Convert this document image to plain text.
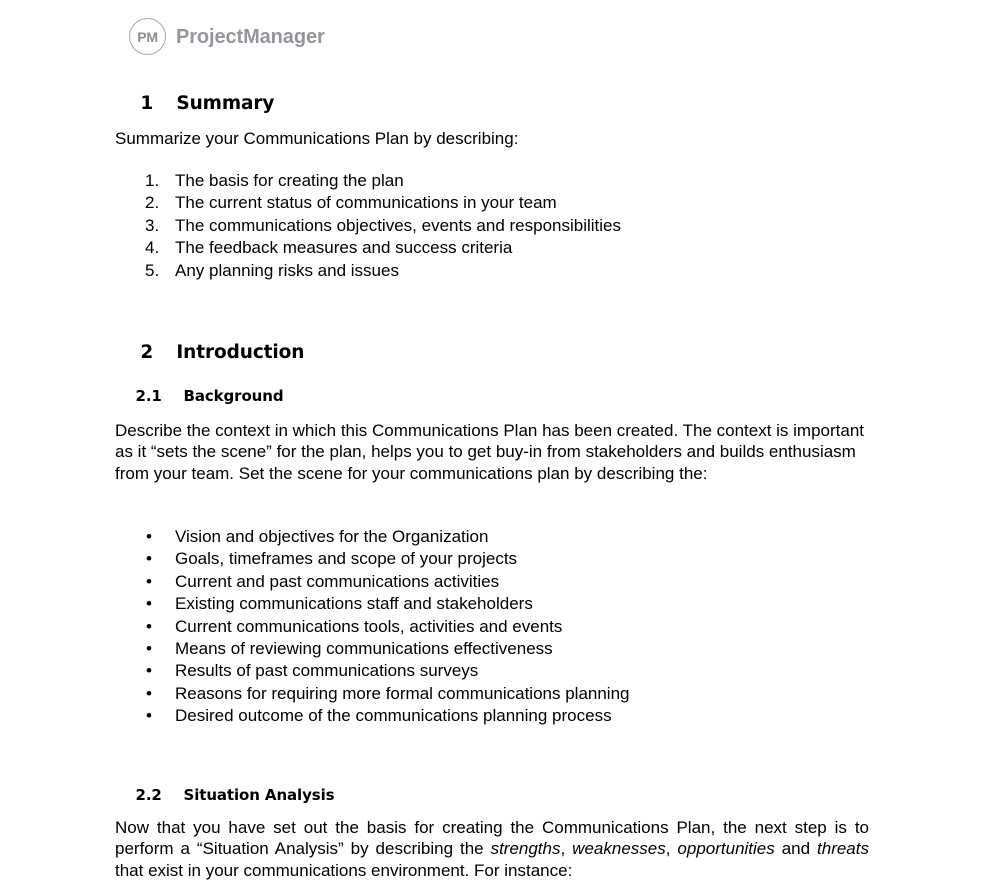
PM ProjectManager

1 Summary

Summarize your Communications Plan by describing:
1. The basis for creating the plan
2. The current status of communications in your team
3. The communications objectives, events and responsibilities
4. The feedback measures and success criteria
5. Any planning risks and issues

2 Introduction

2.1 Background

Describe the context in which this Communications Plan has been created. The context is important as it “sets the scene” for the plan, helps you to get buy-in from stakeholders and builds enthusiasm from your team. Set the scene for your communications plan by describing the:
•	Vision and objectives for the Organization
•	Goals, timeframes and scope of your projects
•	Current and past communications activities
•	Existing communications staff and stakeholders
•	Current communications tools, activities and events
•	Means of reviewing communications effectiveness
•	Results of past communications surveys
•	Reasons for requiring more formal communications planning
•	Desired outcome of the communications planning process

2.2 Situation Analysis

Now that you have set out the basis for creating the Communications Plan, the next step is to perform a “Situation Analysis” by describing the strengths, weaknesses, opportunities and threats that exist in your communications environment. For instance:
